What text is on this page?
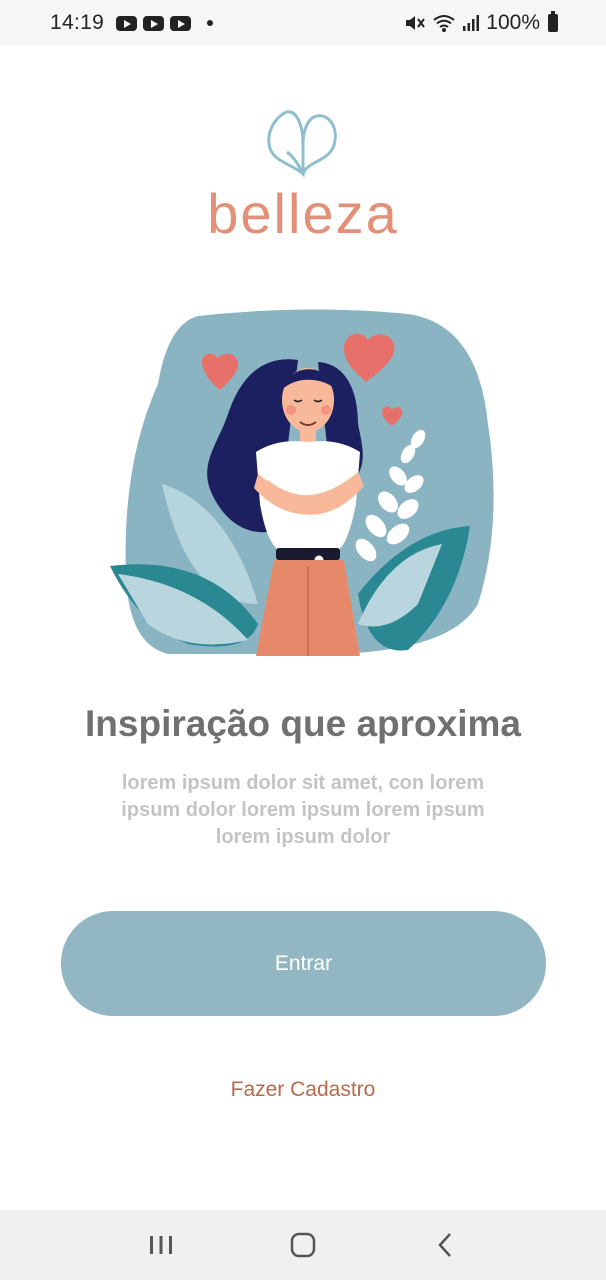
14:19	100%
belleza
Inspiração que aproxima
lorem ipsum dolor sit amet, con lorem ipsum dolor lorem ipsum lorem ipsum lorem ipsum dolor
Entrar
Fazer Cadastro
